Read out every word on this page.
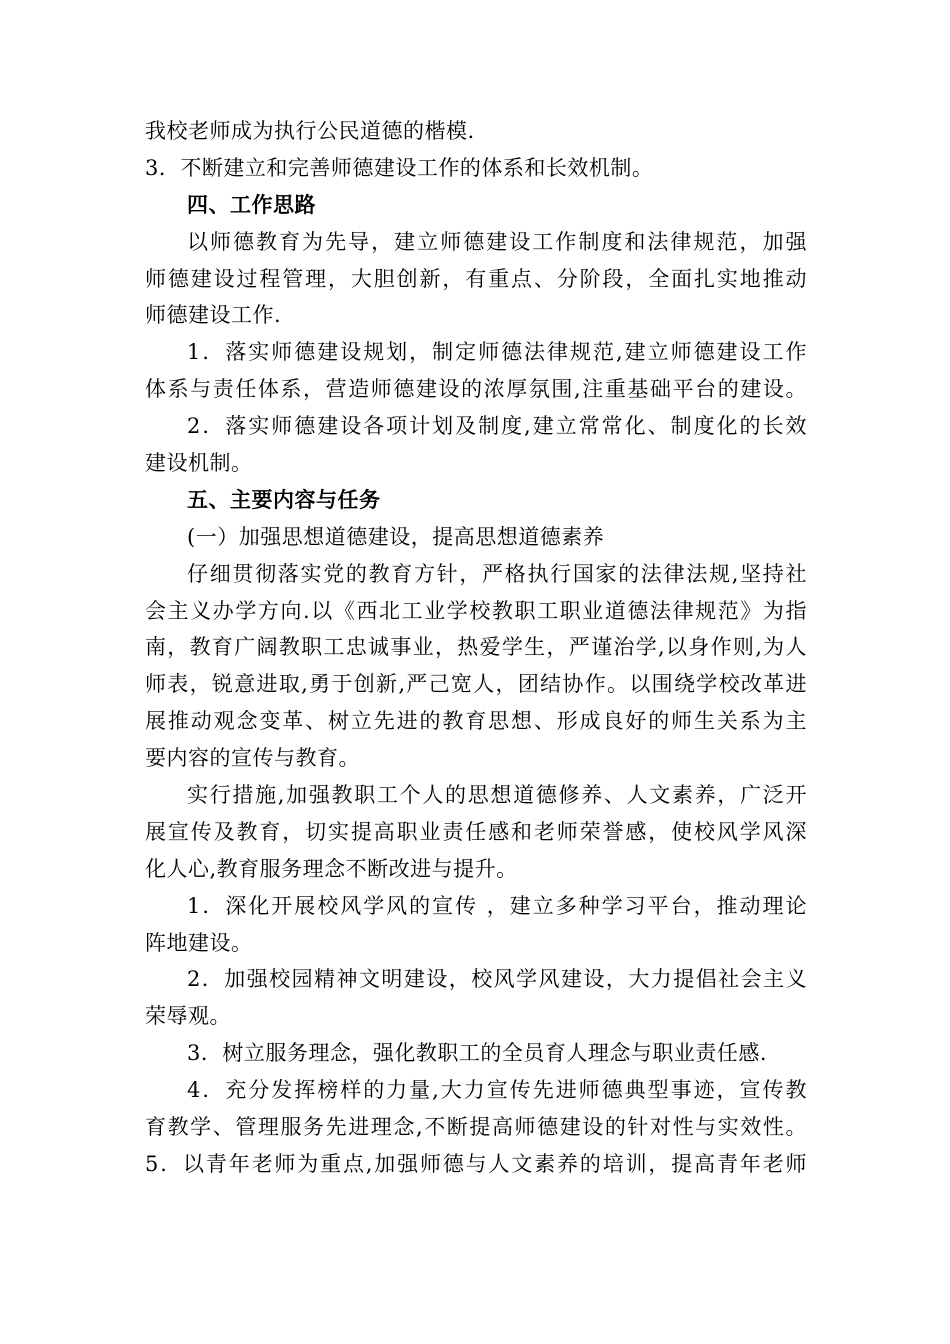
我校老师成为执行公民道德的楷模.
3．不断建立和完善师德建设工作的体系和长效机制。
四、工作思路
以师德教育为先导，建立师德建设工作制度和法律规范，加强
师德建设过程管理，大胆创新，有重点、分阶段，全面扎实地推动
师德建设工作.
1．落实师德建设规划，制定师德法律规范,建立师德建设工作
体系与责任体系，营造师德建设的浓厚氛围,注重基础平台的建设。
2．落实师德建设各项计划及制度,建立常常化、制度化的长效
建设机制。
五、主要内容与任务
(一）加强思想道德建设，提高思想道德素养
仔细贯彻落实党的教育方针，严格执行国家的法律法规,坚持社
会主义办学方向.以《西北工业学校教职工职业道德法律规范》为指
南，教育广阔教职工忠诚事业，热爱学生，严谨治学,以身作则,为人
师表，锐意进取,勇于创新,严己宽人，团结协作。以围绕学校改革进
展推动观念变革、树立先进的教育思想、形成良好的师生关系为主
要内容的宣传与教育。
实行措施,加强教职工个人的思想道德修养、人文素养，广泛开
展宣传及教育，切实提高职业责任感和老师荣誉感，使校风学风深
化人心,教育服务理念不断改进与提升。
1．深化开展校风学风的宣传 ，建立多种学习平台，推动理论
阵地建设。
2．加强校园精神文明建设，校风学风建设，大力提倡社会主义
荣辱观。
3．树立服务理念，强化教职工的全员育人理念与职业责任感.
4．充分发挥榜样的力量,大力宣传先进师德典型事迹，宣传教
育教学、管理服务先进理念,不断提高师德建设的针对性与实效性。
5．以青年老师为重点,加强师德与人文素养的培训，提高青年老师
